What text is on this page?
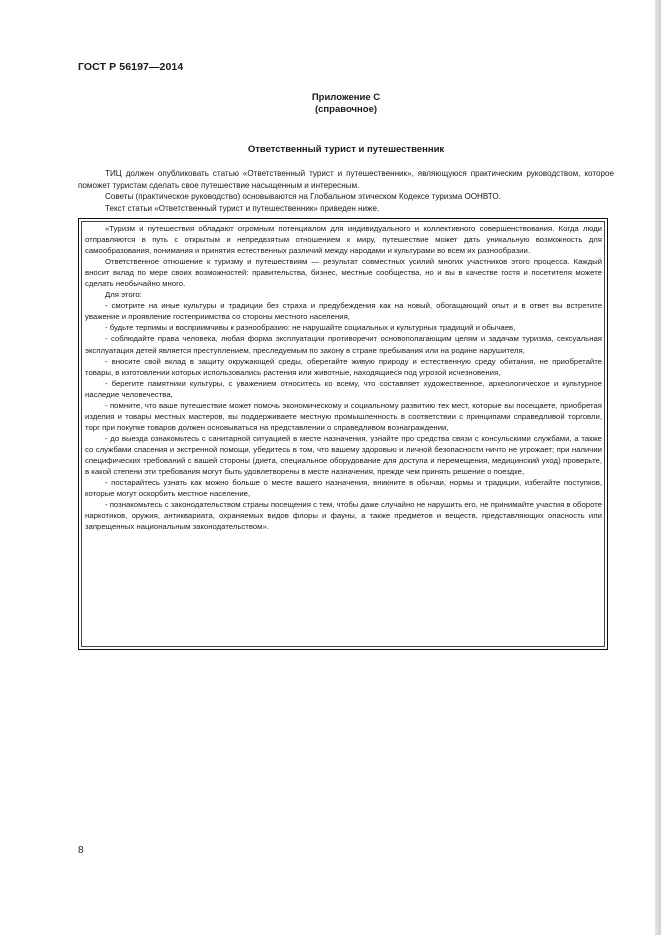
ГОСТ Р 56197—2014
Приложение С
(справочное)
Ответственный турист и путешественник

ТИЦ должен опубликовать статью «Ответственный турист и путешественник», являющуюся практическим руководством, которое поможет туристам сделать свое путешествие насыщенным и интересным.

Советы (практическое руководство) основываются на Глобальном этическом Кодексе туризма ООНВТО.

Текст статьи «Ответственный турист и путешественник» приведен ниже.

«Туризм и путешествия обладают огромным потенциалом для индивидуального и коллективного совершенствования. Когда люди отправляются в путь с открытым и непредвзятым отношением к миру, путешествие может дать уникальную возможность для самообразования, понимания и принятия естественных различий между народами и культурами во всем их разнообразии.

Ответственное отношение к туризму и путешествиям — результат совместных усилий многих участников этого процесса. Каждый вносит вклад по мере своих возможностей: правительства, бизнес, местные сообщества, но и вы в качестве гостя и посетителя можете сделать необычайно много.

Для этого:

- смотрите на иные культуры и традиции без страха и предубеждения как на новый, обогащающий опыт и в ответ вы встретите уважение и проявление гостеприимства со стороны местного населения,

- будьте терпимы и восприимчивы к разнообразию: не нарушайте социальных и культурных традиций и обычаев,

- соблюдайте права человека, любая форма эксплуатации противоречит основополагающим целям и задачам туризма, сексуальная эксплуатация детей является преступлением, преследуемым по закону в стране пребывания или на родине нарушителя,

- вносите свой вклад в защиту окружающей среды, оберегайте живую природу и естественную среду обитания, не приобретайте товары, в изготовлении которых использовались растения или животные, находящиеся под угрозой исчезновения,

- берегите памятники культуры, с уважением относитесь ко всему, что составляет художественное, археологическое и культурное наследие человечества,

- помните, что ваше путешествие может помочь экономическому и социальному развитию тех мест, которые вы посещаете, приобретая изделия и товары местных мастеров, вы поддерживаете местную промышленность в соответствии с принципами справедливой торговли, торг при покупке товаров должен основываться на представлении о справедливом вознаграждении,

- до выезда ознакомьтесь с санитарной ситуацией в месте назначения, узнайте про средства связи с консульскими службами, а также со службами спасения и экстренной помощи, убедитесь в том, что вашему здоровью и личной безопасности ничто не угрожает; при наличии специфических требований с вашей стороны (диета, специальное оборудование для доступа и перемещения, медицинский уход) проверьте, в какой степени эти требования могут быть удовлетворены в месте назначения, прежде чем принять решение о поездке,

- постарайтесь узнать как можно больше о месте вашего назначения, вникните в обычаи, нормы и традиции, избегайте поступков, которые могут оскорбить местное население,

- познакомьтесь с законодательством страны посещения с тем, чтобы даже случайно не нарушить его, не принимайте участия в обороте наркотиков, оружия, антиквариата, охраняемых видов флоры и фауны, а также предметов и веществ, представляющих опасность или запрещенных национальным законодательством».

8
